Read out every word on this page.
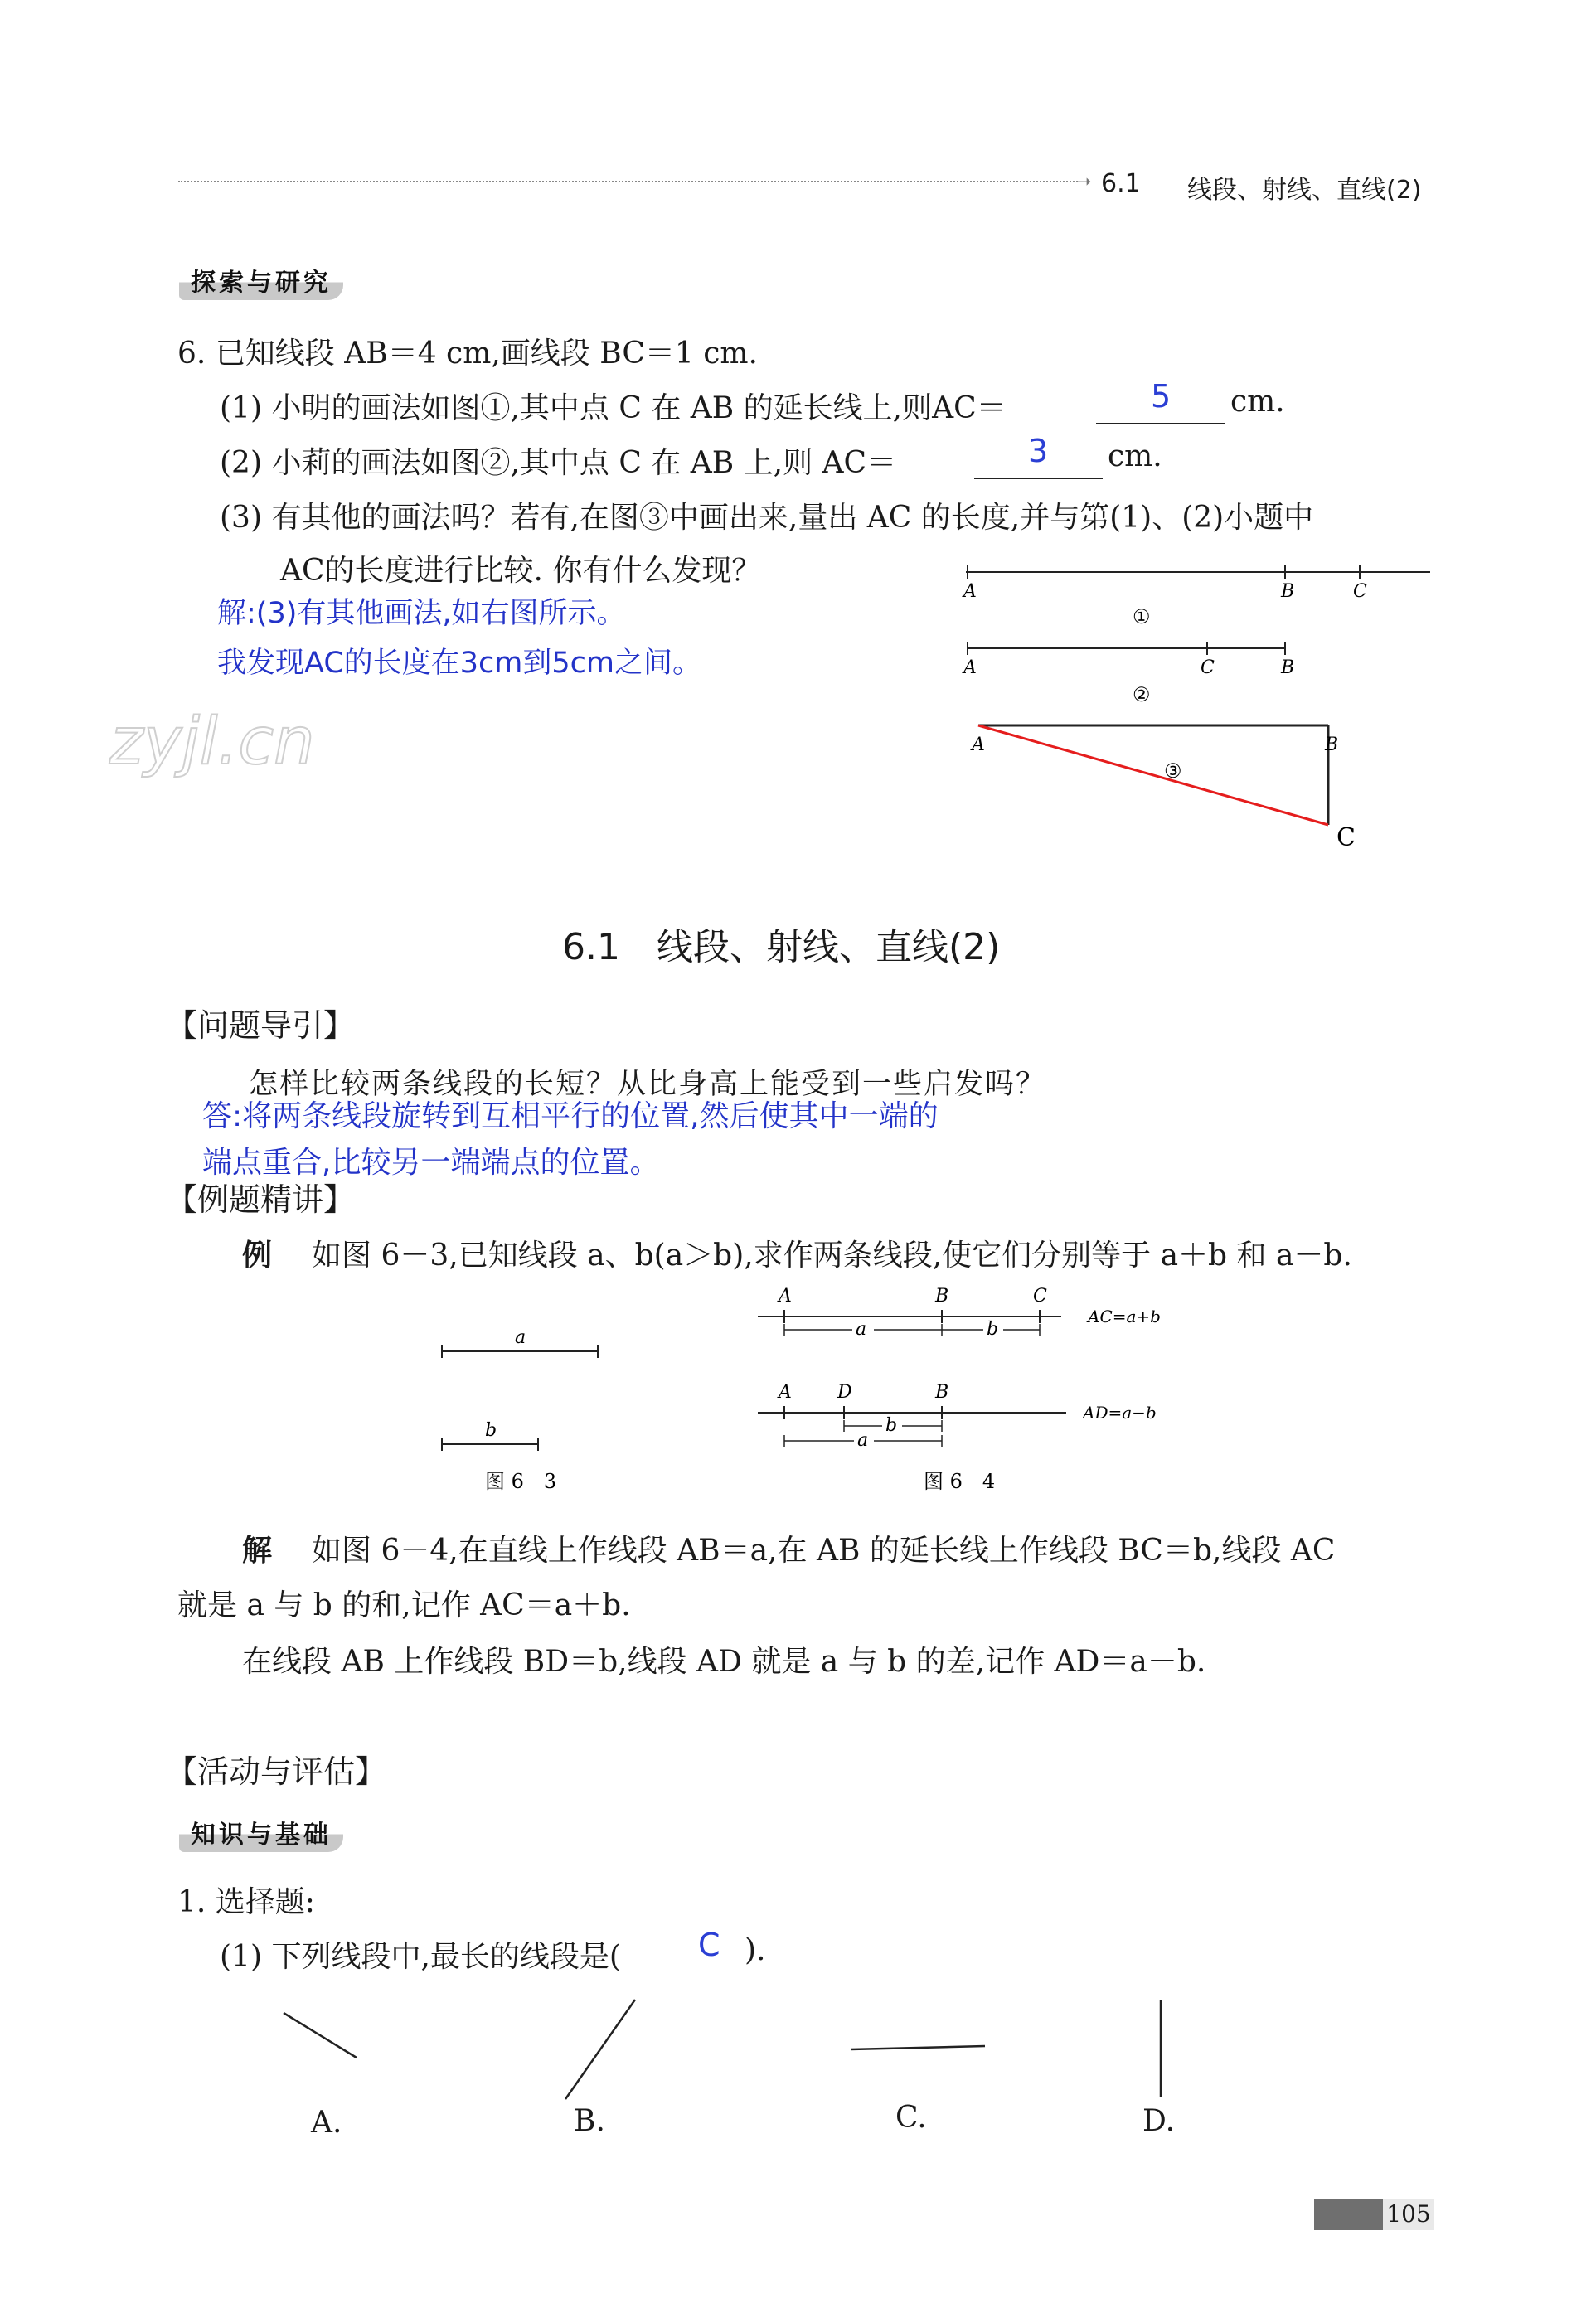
➝ 6.1 线段、射线、直线(2)
探索与研究
6. 已知线段 AB＝4 cm,画线段 BC＝1 cm.
(1) 小明的画法如图①,其中点 C 在 AB 的延长线上,则AC＝	5 cm.
(2) 小莉的画法如图②,其中点 C 在 AB 上,则 AC＝	3 cm.
(3) 有其他的画法吗？若有,在图③中画出来,量出 AC 的长度,并与第(1)、(2)小题中
AC的长度进行比较. 你有什么发现？
解:(3)有其他画法,如右图所示。
我发现AC的长度在3cm到5cm之间。
A	B	C
①
A	C	B
②
A	B
C
③
zyjl.cn
6.1　线段、射线、直线(2)
【问题导引】
怎样比较两条线段的长短？从比身高上能受到一些启发吗？
答:将两条线段旋转到互相平行的位置,然后使其中一端的
端点重合,比较另一端端点的位置。
【例题精讲】
例 如图 6－3,已知线段 a、b(a＞b),求作两条线段,使它们分别等于 a＋b 和 a－b.
a
b
图 6－3
A	B	C
a	b
AC=a+b
A	D	B
b
a
AD=a−b
图 6－4
解 如图 6－4,在直线上作线段 AB＝a,在 AB 的延长线上作线段 BC＝b,线段 AC
就是 a 与 b 的和,记作 AC＝a＋b.
在线段 AB 上作线段 BD＝b,线段 AD 就是 a 与 b 的差,记作 AD＝a－b.
【活动与评估】
知识与基础
1. 选择题:
(1) 下列线段中,最长的线段是( C ).
A.	B.	C.	D.
105
